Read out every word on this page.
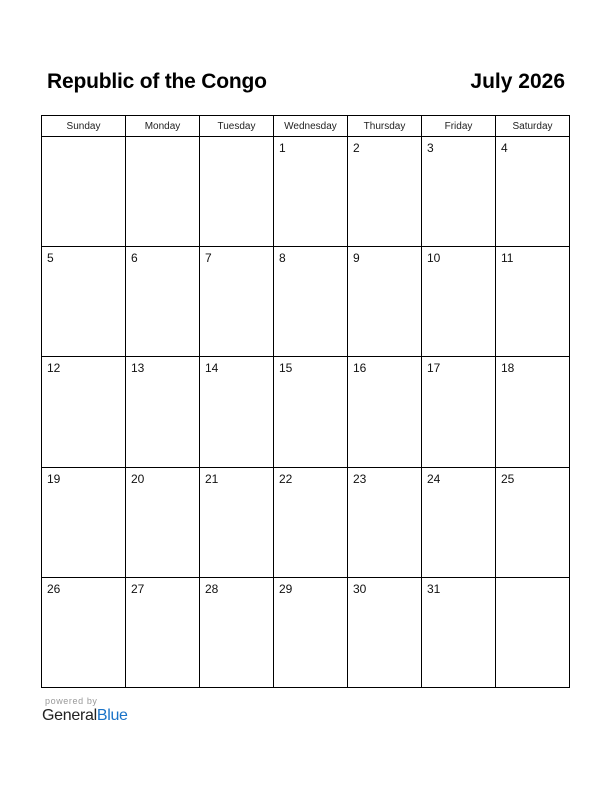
Republic of the Congo	July 2026
Sunday	Monday	Tuesday	Wednesday	Thursday	Friday	Saturday

			1	2	3	4

5	6	7	8	9	10	11

12	13	14	15	16	17	18

19	20	21	22	23	24	25

26	27	28	29	30	31	

powered by
GeneralBlue
